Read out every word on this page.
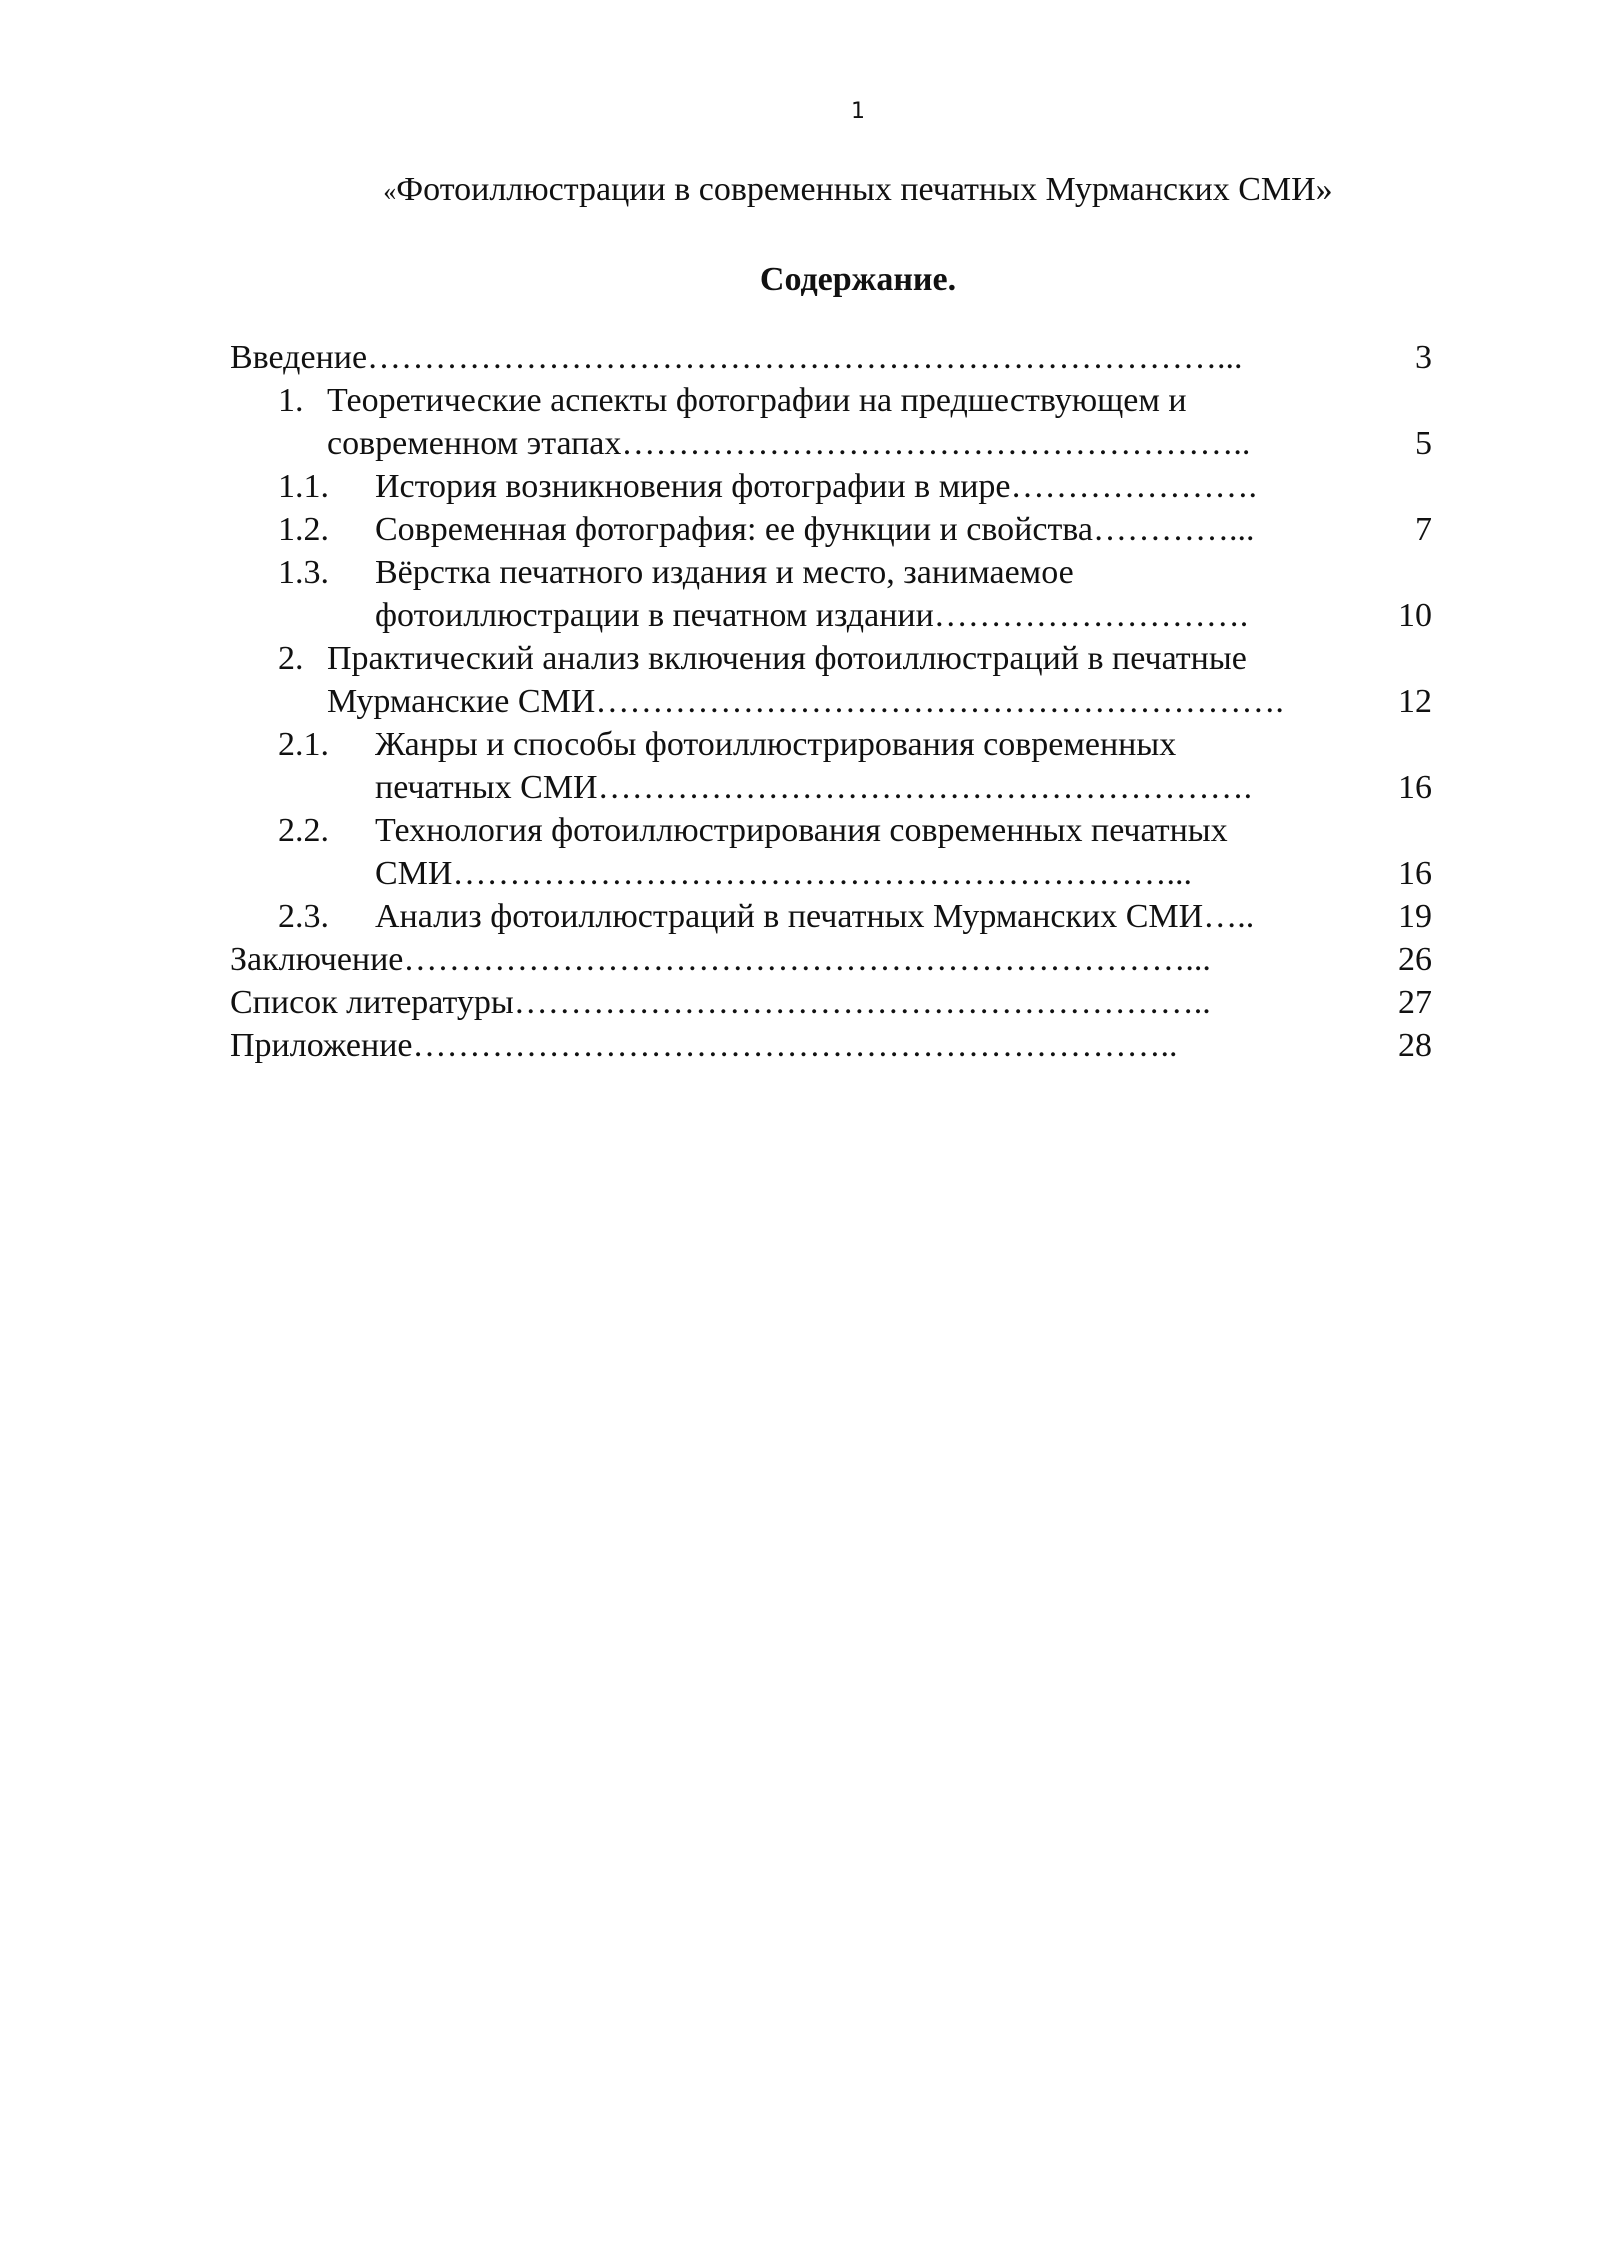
1
«Фотоиллюстрации в современных печатных Мурманских СМИ»
Содержание.
Введение…………………………………………………………………...	3
1. Теоретические аспекты фотографии на предшествующем и
современном этапах………………………………………………..	5
1.1. История возникновения фотографии в мире………………….
1.2. Современная фотография: ее функции и свойства…………...	7
1.3. Вёрстка печатного издания и место, занимаемое
фотоиллюстрации в печатном издании……………………….	10
2. Практический анализ включения фотоиллюстраций в печатные
Мурманские СМИ…………………………………………………….	12
2.1. Жанры и способы фотоиллюстрирования современных
печатных СМИ………………………………………………….	16
2.2. Технология фотоиллюстрирования современных печатных
СМИ………………………………………………………...	16
2.3. Анализ фотоиллюстраций в печатных Мурманских СМИ…..	19
Заключение……………………………………………………………...	26
Список литературы……………………………………………………..	27
Приложение…………………………………………………………..	28
